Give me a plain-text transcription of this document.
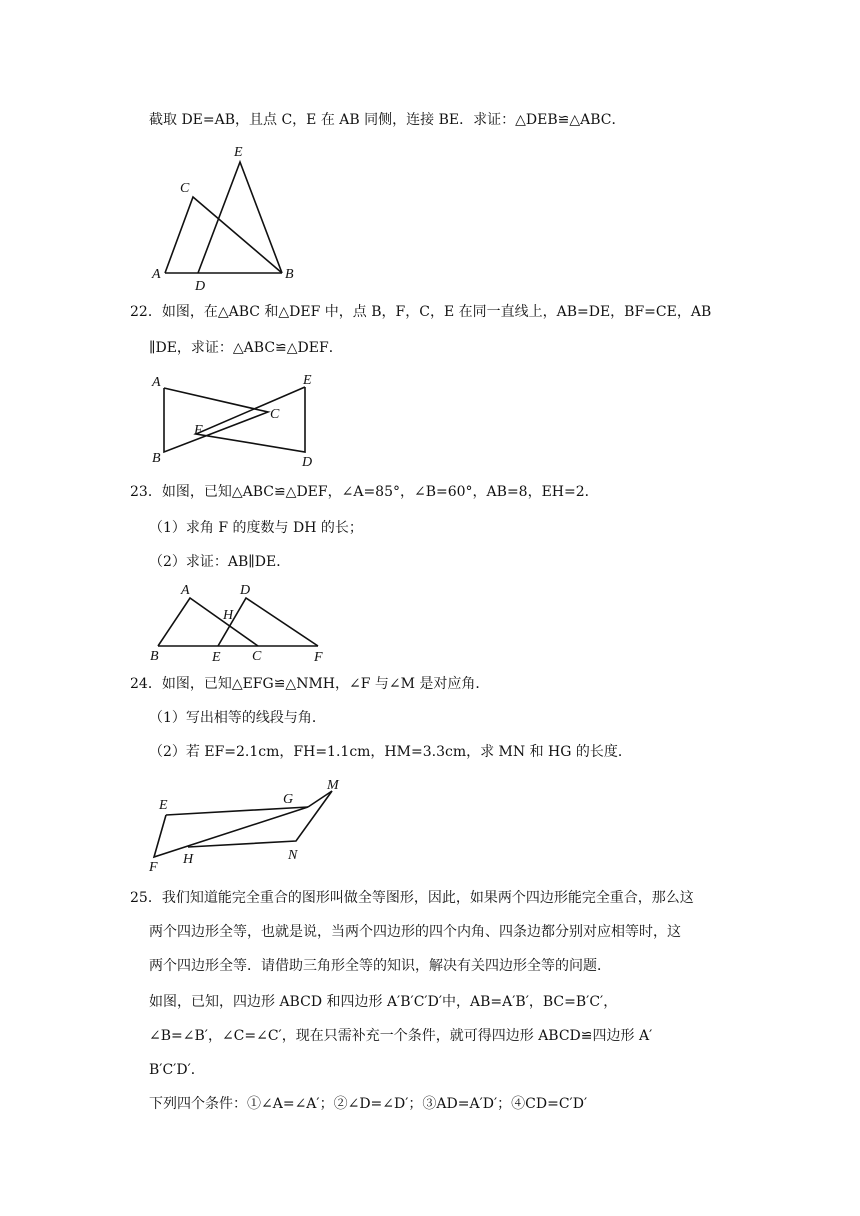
截取 DE=AB，且点 C，E 在 AB 同侧，连接 BE．求证：△DEB≌△ABC．
E
C
A
D
B
22．如图，在△ABC 和△DEF 中，点 B，F，C，E 在同一直线上，AB=DE，BF=CE，AB
∥DE，求证：△ABC≌△DEF．
A	E
C
F
B	D
23．如图，已知△ABC≌△DEF，∠A=85°，∠B=60°，AB=8，EH=2．
（1）求角 F 的度数与 DH 的长；
（2）求证：AB∥DE．
A	D
H
B	E C	F
24．如图，已知△EFG≌△NMH，∠F 与∠M 是对应角．
（1）写出相等的线段与角．
（2）若 EF=2.1cm，FH=1.1cm，HM=3.3cm，求 MN 和 HG 的长度．
E	G
M
F
H	N
25．我们知道能完全重合的图形叫做全等图形，因此，如果两个四边形能完全重合，那么这
两个四边形全等，也就是说，当两个四边形的四个内角、四条边都分别对应相等时，这
两个四边形全等．请借助三角形全等的知识，解决有关四边形全等的问题．
如图，已知，四边形 ABCD 和四边形 A′B′C′D′中，AB=A′B′，BC=B′C′，
∠B=∠B′，∠C=∠C′，现在只需补充一个条件，就可得四边形 ABCD≌四边形 A′
B′C′D′．
下列四个条件：①∠A=∠A′；②∠D=∠D′；③AD=A′D′；④CD=C′D′
